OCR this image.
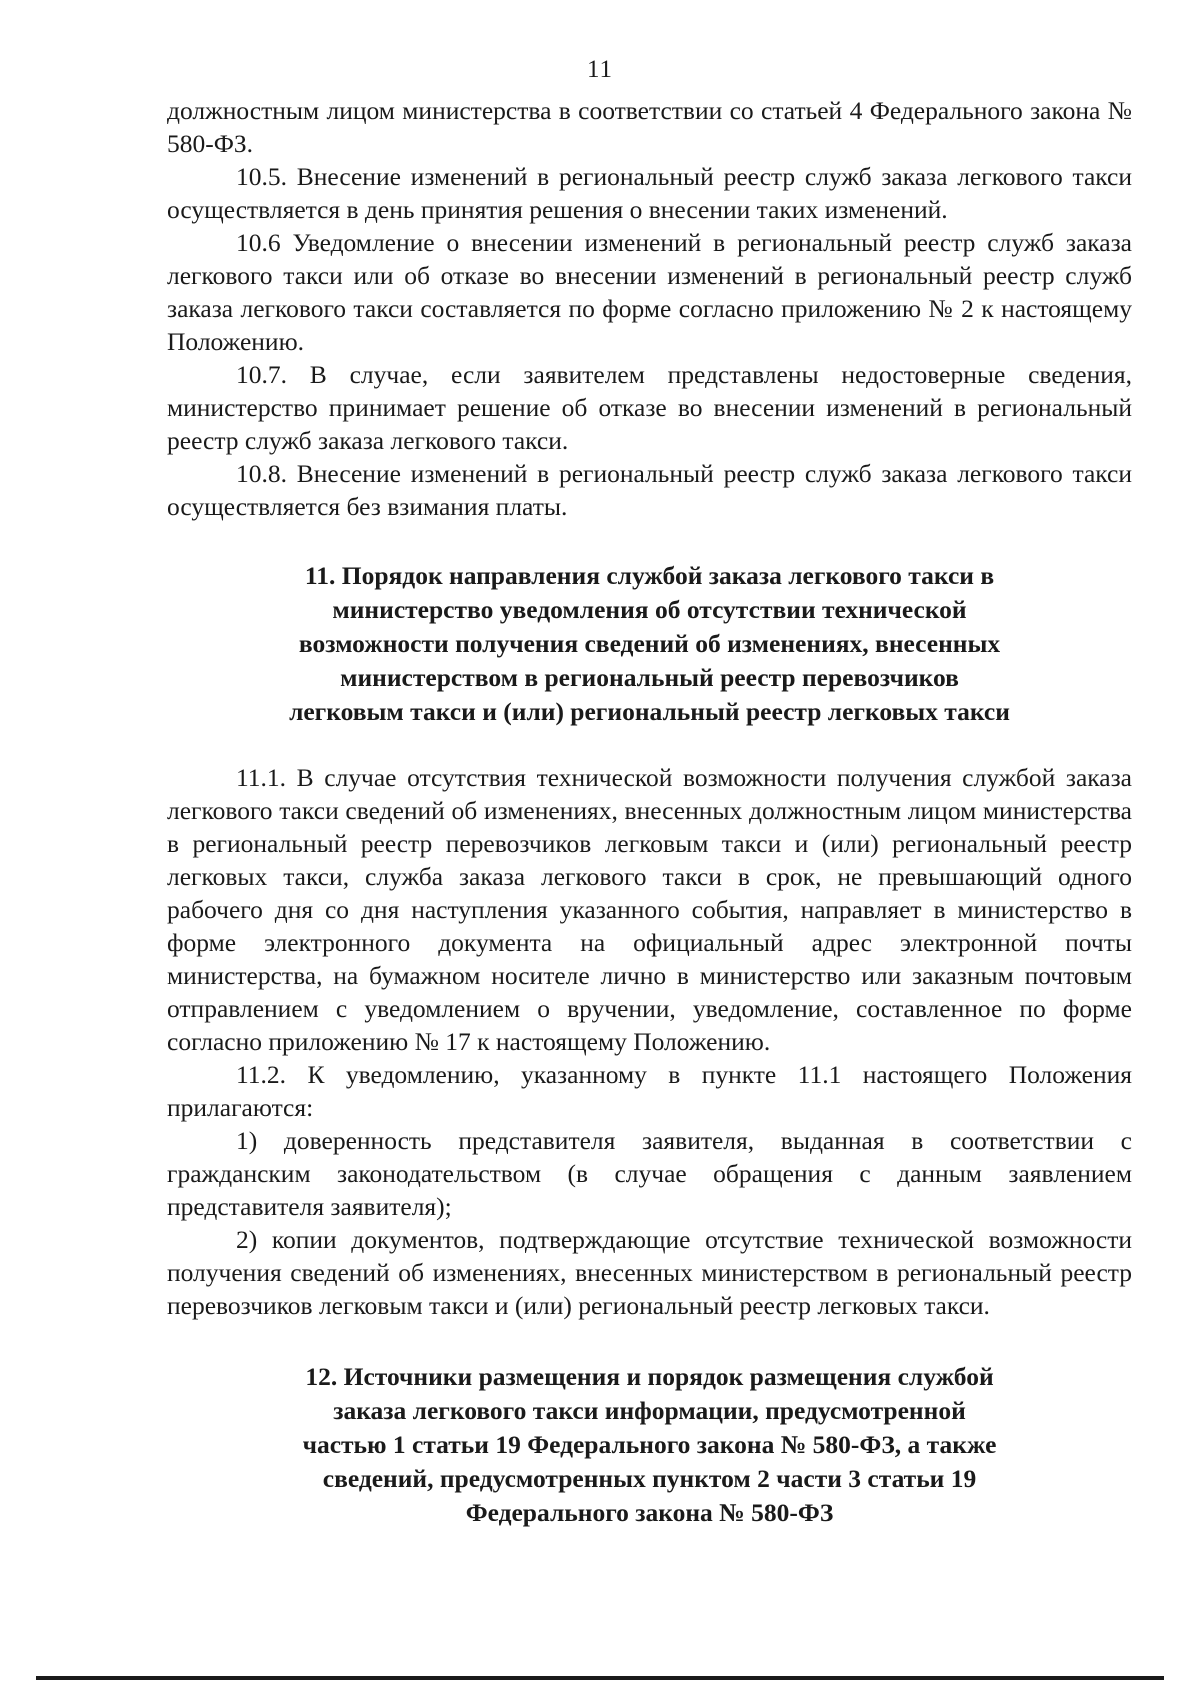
11

должностным лицом министерства в соответствии со статьей 4 Федерального закона № 580-ФЗ.

10.5. Внесение изменений в региональный реестр служб заказа легкового такси осуществляется в день принятия решения о внесении таких изменений.

10.6 Уведомление о внесении изменений в региональный реестр служб заказа легкового такси или об отказе во внесении изменений в региональный реестр служб заказа легкового такси составляется по форме согласно приложению № 2 к настоящему Положению.

10.7. В случае, если заявителем представлены недостоверные сведения, министерство принимает решение об отказе во внесении изменений в региональный реестр служб заказа легкового такси.

10.8. Внесение изменений в региональный реестр служб заказа легкового такси осуществляется без взимания платы.

11. Порядок направления службой заказа легкового такси в
министерство уведомления об отсутствии технической
возможности получения сведений об изменениях, внесенных
министерством в региональный реестр перевозчиков
легковым такси и (или) региональный реестр легковых такси

11.1. В случае отсутствия технической возможности получения службой заказа легкового такси сведений об изменениях, внесенных должностным лицом министерства в региональный реестр перевозчиков легковым такси и (или) региональный реестр легковых такси, служба заказа легкового такси в срок, не превышающий одного рабочего дня со дня наступления указанного события, направляет в министерство в форме электронного документа на официальный адрес электронной почты министерства, на бумажном носителе лично в министерство или заказным почтовым отправлением с уведомлением о вручении, уведомление, составленное по форме согласно приложению № 17 к настоящему Положению.

11.2. К уведомлению, указанному в пункте 11.1 настоящего Положения прилагаются:

1) доверенность представителя заявителя, выданная в соответствии с гражданским законодательством (в случае обращения с данным заявлением представителя заявителя);

2) копии документов, подтверждающие отсутствие технической возможности получения сведений об изменениях, внесенных министерством в региональный реестр перевозчиков легковым такси и (или) региональный реестр легковых такси.

12. Источники размещения и порядок размещения службой
заказа легкового такси информации, предусмотренной
частью 1 статьи 19 Федерального закона № 580-ФЗ, а также
сведений, предусмотренных пунктом 2 части 3 статьи 19
Федерального закона № 580-ФЗ
